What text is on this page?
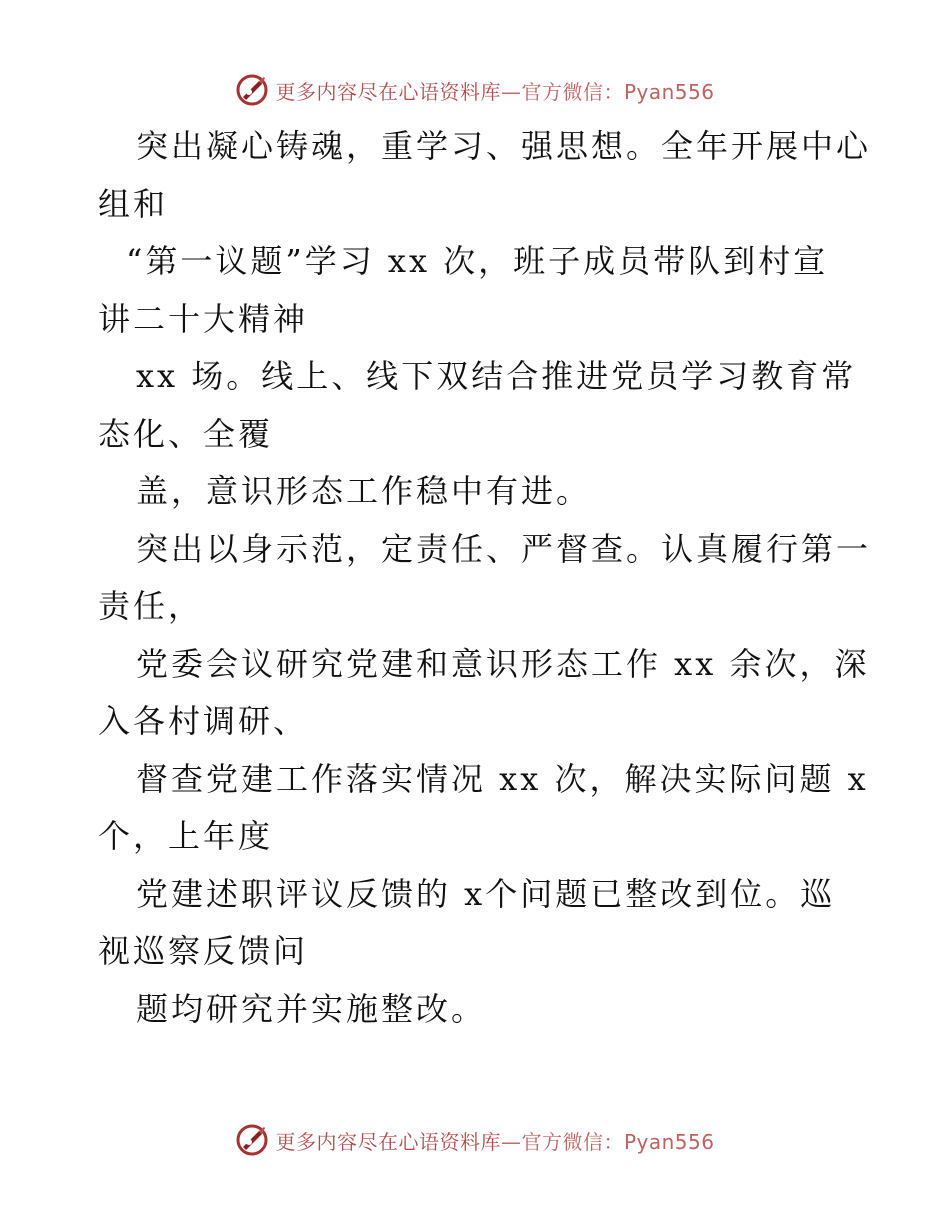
更多内容尽在心语资料库—官方微信：Pyan556
突出凝心铸魂，重学习、强思想。全年开展中心
组和
“第一议题”学习 xx 次，班子成员带队到村宣
讲二十大精神
xx 场。线上、线下双结合推进党员学习教育常
态化、全覆
盖，意识形态工作稳中有进。
突出以身示范，定责任、严督查。认真履行第一
责任，
党委会议研究党建和意识形态工作 xx 余次，深
入各村调研、
督查党建工作落实情况 xx 次，解决实际问题 x
个，上年度
党建述职评议反馈的 x个问题已整改到位。巡
视巡察反馈问
题均研究并实施整改。
更多内容尽在心语资料库—官方微信：Pyan556
